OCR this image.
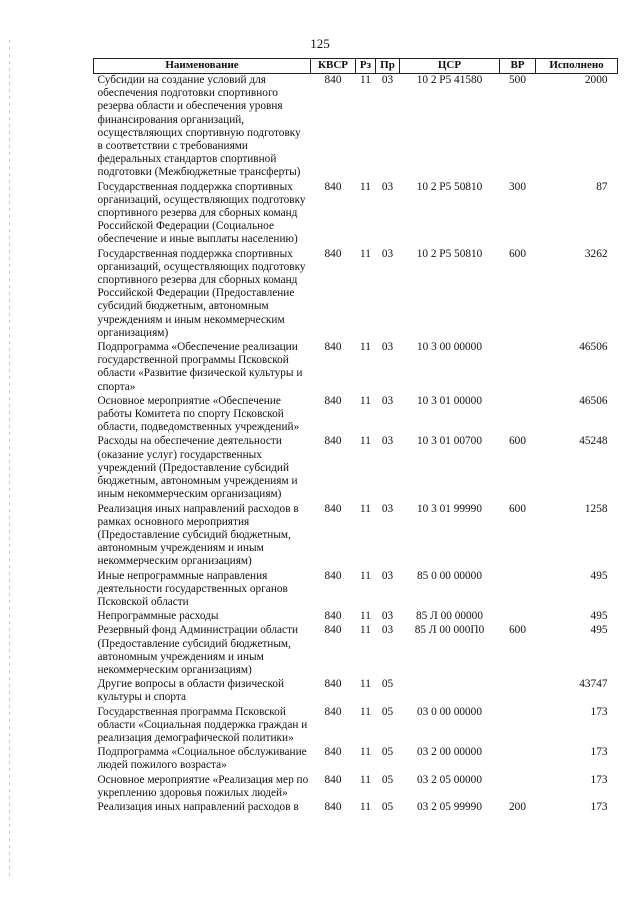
125
Наименование	КВСР	Рз	Пр	ЦСР	ВР	Исполнено
Субсидии на создание условий для обеспечения подготовки спортивного резерва области и обеспечения уровня финансирования организаций, осуществляющих спортивную подготовку в соответствии с требованиями федеральных стандартов спортивной подготовки (Межбюджетные трансферты)	840	11	03	10 2 P5 41580	500	2000
Государственная поддержка спортивных организаций, осуществляющих подготовку спортивного резерва для сборных команд Российской Федерации (Социальное обеспечение и иные выплаты населению)	840	11	03	10 2 P5 50810	300	87
Государственная поддержка спортивных организаций, осуществляющих подготовку спортивного резерва для сборных команд Российской Федерации (Предоставление субсидий бюджетным, автономным учреждениям и иным некоммерческим организациям)	840	11	03	10 2 P5 50810	600	3262
Подпрограмма «Обеспечение реализации государственной программы Псковской области «Развитие физической культуры и спорта»	840	11	03	10 3 00 00000		46506
Основное мероприятие «Обеспечение работы Комитета по спорту Псковской области, подведомственных учреждений»	840	11	03	10 3 01 00000		46506
Расходы на обеспечение деятельности (оказание услуг) государственных учреждений (Предоставление субсидий бюджетным, автономным учреждениям и иным некоммерческим организациям)	840	11	03	10 3 01 00700	600	45248
Реализация иных направлений расходов в рамках основного мероприятия (Предоставление субсидий бюджетным, автономным учреждениям и иным некоммерческим организациям)	840	11	03	10 3 01 99990	600	1258
Иные непрограммные направления деятельности государственных органов Псковской области	840	11	03	85 0 00 00000		495
Непрограммные расходы	840	11	03	85 Л 00 00000		495
Резервный фонд Администрации области (Предоставление субсидий бюджетным, автономным учреждениям и иным некоммерческим организациям)	840	11	03	85 Л 00 000П0	600	495
Другие вопросы в области физической культуры и спорта	840	11	05			43747
Государственная программа Псковской области «Социальная поддержка граждан и реализация демографической политики»	840	11	05	03 0 00 00000		173
Подпрограмма «Социальное обслуживание людей пожилого возраста»	840	11	05	03 2 00 00000		173
Основное мероприятие «Реализация мер по укреплению здоровья пожилых людей»	840	11	05	03 2 05 00000		173
Реализация иных направлений расходов в	840	11	05	03 2 05 99990	200	173
